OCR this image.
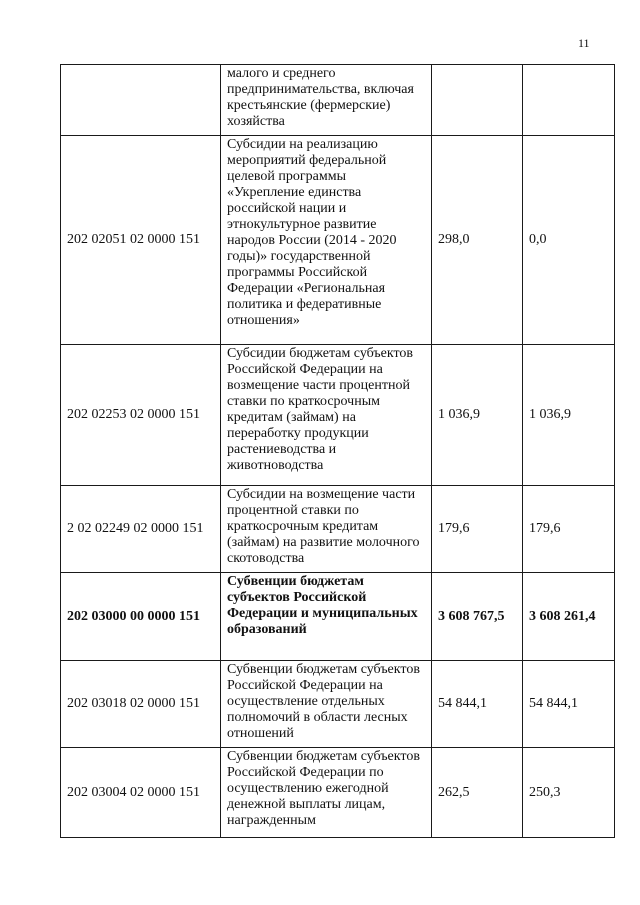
11
	малого и среднего предпринимательства, включая крестьянские (фермерские) хозяйства		
202 02051 02 0000 151	Субсидии на реализацию мероприятий федеральной целевой программы «Укрепление единства российской нации и этнокультурное развитие народов России (2014 - 2020 годы)» государственной программы Российской Федерации «Региональная политика и федеративные отношения»	298,0	0,0
202 02253 02 0000 151	Субсидии бюджетам субъектов Российской Федерации на возмещение части процентной ставки по краткосрочным кредитам (займам) на переработку продукции растениеводства и животноводства	1 036,9	1 036,9
2 02 02249 02 0000 151	Субсидии на возмещение части процентной ставки по краткосрочным кредитам (займам) на развитие молочного скотоводства	179,6	179,6
202 03000 00 0000 151	Субвенции бюджетам субъектов Российской Федерации и муниципальных образований	3 608 767,5	3 608 261,4
202 03018 02 0000 151	Субвенции бюджетам субъектов Российской Федерации на осуществление отдельных полномочий в области лесных отношений	54 844,1	54 844,1
202 03004 02 0000 151	Субвенции бюджетам субъектов Российской Федерации по осуществлению ежегодной денежной выплаты лицам, награжденным	262,5	250,3
